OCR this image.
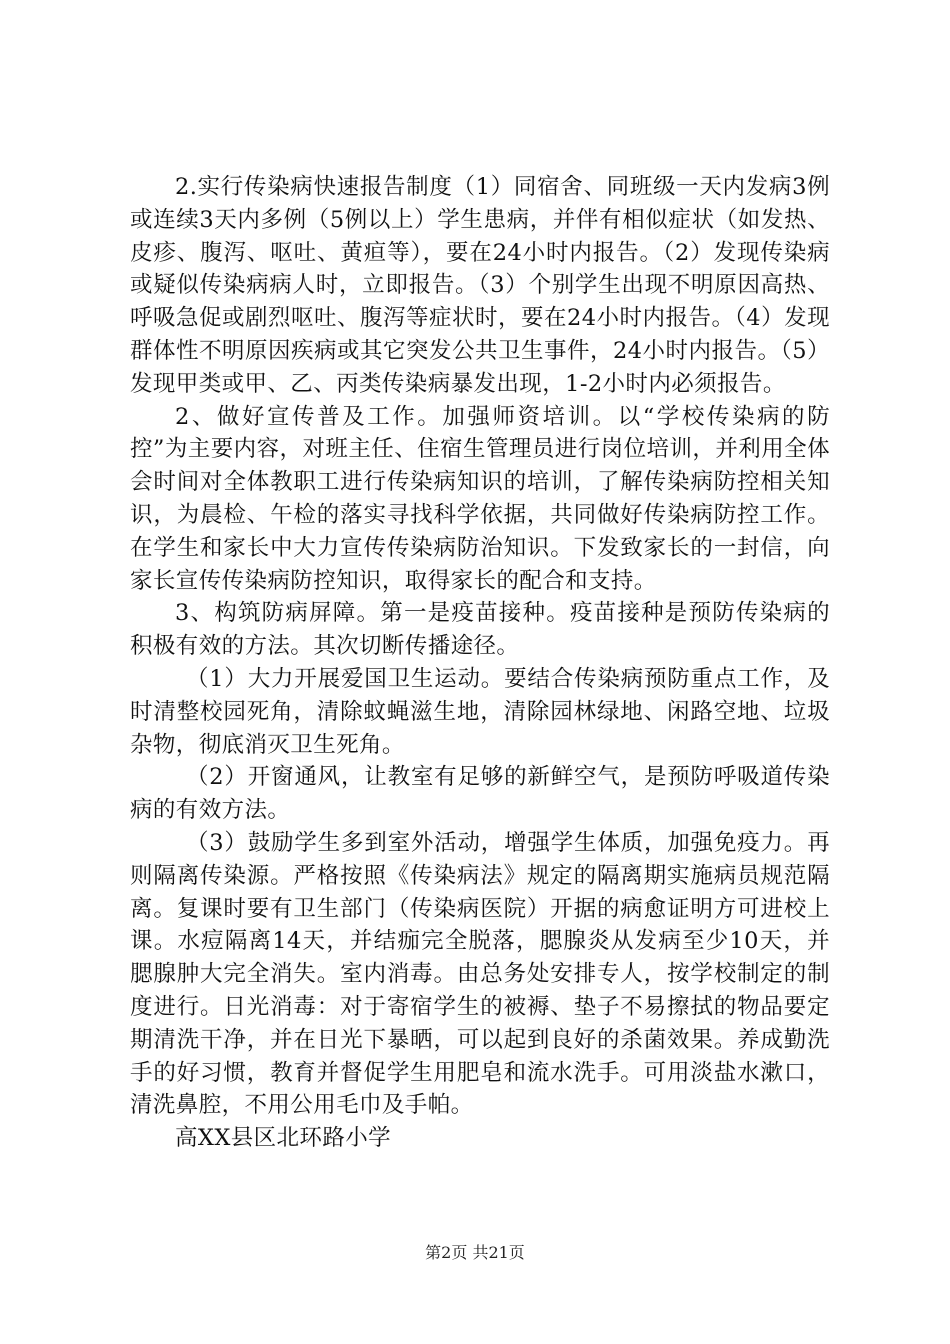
2.实行传染病快速报告制度（1）同宿舍、同班级一天内发病3例或连续3天内多例（5例以上）学生患病，并伴有相似症状（如发热、皮疹、腹泻、呕吐、黄疸等），要在24小时内报告。（2）发现传染病或疑似传染病病人时，立即报告。（3）个别学生出现不明原因高热、呼吸急促或剧烈呕吐、腹泻等症状时，要在24小时内报告。（4）发现群体性不明原因疾病或其它突发公共卫生事件，24小时内报告。（5）发现甲类或甲、乙、丙类传染病暴发出现，1-2小时内必须报告。

2、做好宣传普及工作。加强师资培训。以“学校传染病的防控”为主要内容，对班主任、住宿生管理员进行岗位培训，并利用全体会时间对全体教职工进行传染病知识的培训，了解传染病防控相关知识，为晨检、午检的落实寻找科学依据，共同做好传染病防控工作。在学生和家长中大力宣传传染病防治知识。下发致家长的一封信，向家长宣传传染病防控知识，取得家长的配合和支持。

3、构筑防病屏障。第一是疫苗接种。疫苗接种是预防传染病的积极有效的方法。其次切断传播途径。

（1）大力开展爱国卫生运动。要结合传染病预防重点工作，及时清整校园死角，清除蚊蝇滋生地，清除园林绿地、闲路空地、垃圾杂物，彻底消灭卫生死角。

（2）开窗通风，让教室有足够的新鲜空气，是预防呼吸道传染病的有效方法。

（3）鼓励学生多到室外活动，增强学生体质，加强免疫力。再则隔离传染源。严格按照《传染病法》规定的隔离期实施病员规范隔离。复课时要有卫生部门（传染病医院）开据的病愈证明方可进校上课。水痘隔离14天，并结痂完全脱落，腮腺炎从发病至少10天，并腮腺肿大完全消失。室内消毒。由总务处安排专人，按学校制定的制度进行。日光消毒：对于寄宿学生的被褥、垫子不易擦拭的物品要定期清洗干净，并在日光下暴晒，可以起到良好的杀菌效果。养成勤洗手的好习惯，教育并督促学生用肥皂和流水洗手。可用淡盐水漱口，清洗鼻腔，不用公用毛巾及手帕。

高XX县区北环路小学

第2页 共21页
